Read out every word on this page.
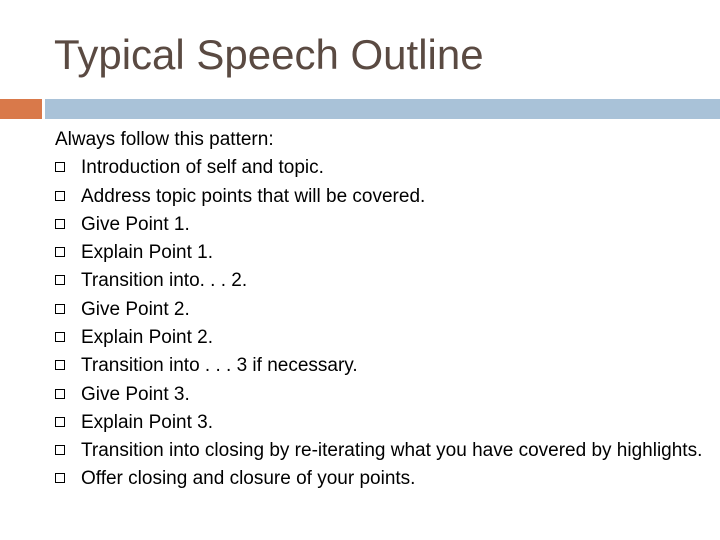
Typical Speech Outline

Always follow this pattern:

Introduction of self and topic.
Address topic points that will be covered.
Give Point 1.
Explain Point 1.
Transition into. . . 2.
Give Point 2.
Explain Point 2.
Transition into . . . 3 if necessary.
Give Point 3.
Explain Point 3.
Transition into closing by re-iterating what you have covered by highlights.
Offer closing and closure of your points.
